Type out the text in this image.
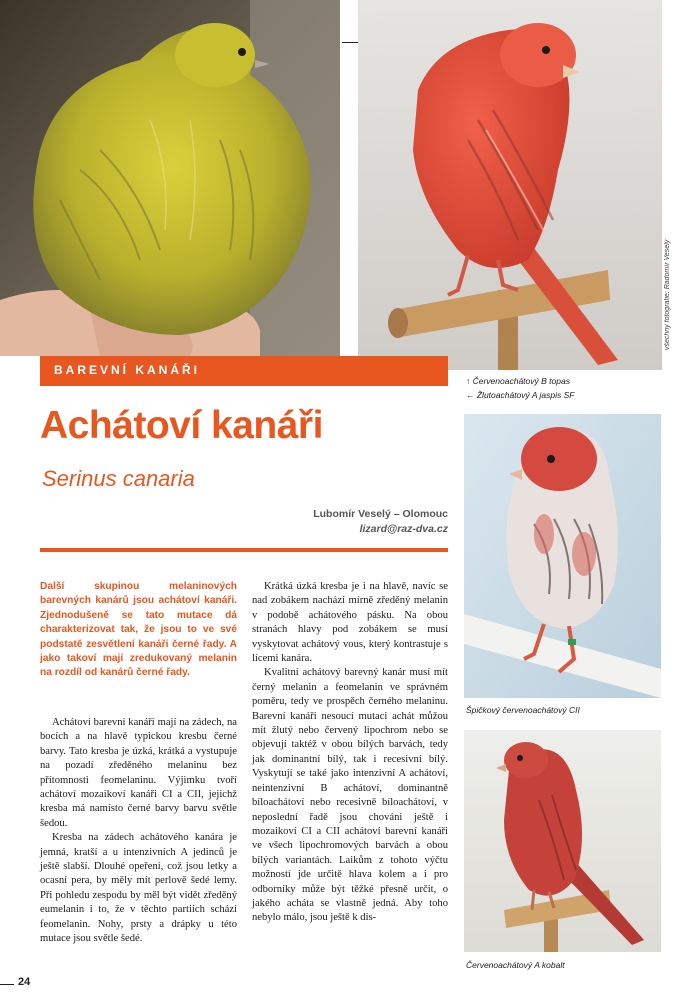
všechny fotografie: Radomír Veselý
BAREVNÍ KANÁŘI
↑ Červenoachátový B topas
← Žlutoachátový A jaspis SF
Špičkový červenoachátový CII
Červenoachátový A kobalt
Achátoví kanáři
Serinus canaria
Lubomír Veselý – Olomouc
lizard@raz-dva.cz
Další skupinou melaninových barevných kanárů jsou achátoví kanáři. Zjednodušeně se tato mutace dá charakterizovat tak, že jsou to ve své podstatě zesvětlení kanáři černé řady. A jako takoví mají zredukovaný melanin na rozdíl od kanárů černé řady.

Achátoví barevní kanáři mají na zádech, na bocích a na hlavě typickou kresbu černé barvy. Tato kresba je úzká, krátká a vystupuje na pozadí zředěného melaninu bez přítomnosti feomelaninu. Výjimku tvoří achátoví mozaikoví kanáři CI a CII, jejichž kresba má namísto černé barvy barvu světle šedou.

Kresba na zádech achátového kanára je jemná, kratší a u intenzivních A jedinců je ještě slabší. Dlouhé opeření, což jsou letky a ocasní pera, by měly mít perlově šedé lemy. Při pohledu zespodu by měl být vidět zředěný eumelanin i to, že v těchto partiích schází feomelanin. Nohy, prsty a drápky u této mutace jsou světle šedé.

Krátká úzká kresba je i na hlavě, navíc se nad zobákem nachází mírně zředěný melanin v podobě achátového pásku. Na obou stranách hlavy pod zobákem se musí vyskytovat achátový vous, který kontrastuje s lícemi kanára.

Kvalitní achátový barevný kanár musí mít černý melanin a feomelanin ve správném poměru, tedy ve prospěch černého melaninu. Barevní kanáři nesoucí mutaci achát můžou mít žlutý nebo červený lipochrom nebo se objevují taktéž v obou bílých barvách, tedy jak dominantní bílý, tak i recesivní bílý. Vyskytují se také jako intenzivní A achátoví, neintenzivní B achátoví, dominantně bíloachátoví nebo recesivně bíloachátoví, v neposlední řadě jsou chováni ještě i mozaikoví CI a CII achátoví barevní kanáři ve všech lipochromových barvách a obou bílých variantách. Laikům z tohoto výčtu možností jde určitě hlava kolem a i pro odborníky může být těžké přesně určit, o jakého acháta se vlastně jedná. Aby toho nebylo málo, jsou ještě k dis-

24
